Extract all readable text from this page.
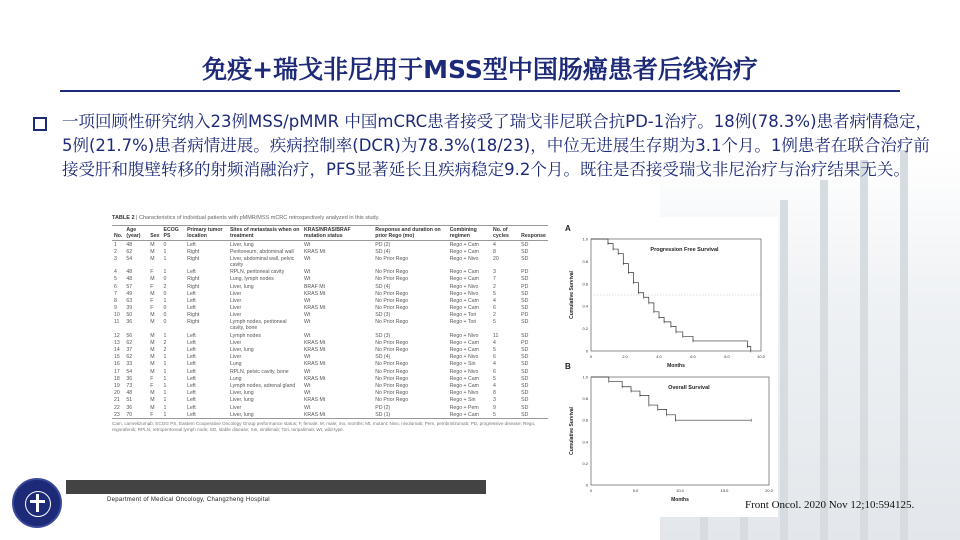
免疫+瑞戈非尼用于MSS型中国肠癌患者后线治疗
一项回顾性研究纳入23例MSS/pMMR 中国mCRC患者接受了瑞戈非尼联合抗PD-1治疗。18例(78.3%)患者病情稳定，5例(21.7%)患者病情进展。疾病控制率(DCR)为78.3%(18/23)，中位无进展生存期为3.1个月。1例患者在联合治疗前接受肝和腹壁转移的射频消融治疗，PFS显著延长且疾病稳定9.2个月。既往是否接受瑞戈非尼治疗与治疗结果无关。
TABLE 2 | Characteristics of individual patients with pMMR/MSS mCRC retrospectively analyzed in this study.
No.	Age (year)	Sex	ECOG PS	Primary tumor location	Sites of metastasis when on treatment	KRAS/NRAS/BRAF mutation status	Response and duration on prior Rego (mo)	Combining regimen	No. of cycles	Response
1	48	M	0	Left	Liver, lung	Wt	PD (2)	Rego + Cam	4	SD
2	62	M	1	Right	Peritoneum, abdominal wall	KRAS Mt	SD (4)	Rego + Cam	8	SD
3	54	M	1	Right	Liver, abdominal wall, pelvic cavity	Wt	No Prior Rego	Rego + Nivo	20	SD
4	48	F	1	Left	RPLN, peritoneal cavity	Wt	No Prior Rego	Rego + Cam	3	PD
5	48	M	0	Right	Lung, lymph nodes	Wt	No Prior Rego	Rego + Cam	7	SD
6	57	F	2	Right	Liver, lung	BRAF Mt	SD (4)	Rego + Nivo	2	PD
7	49	M	0	Left	Liver	KRAS Mt	No Prior Rego	Rego + Nivo	5	SD
8	63	F	1	Left	Liver	Wt	No Prior Rego	Rego + Cam	4	SD
9	39	F	0	Left	Liver	KRAS Mt	No Prior Rego	Rego + Cam	6	SD
10	50	M	0	Right	Liver	Wt	SD (3)	Rego + Tori	2	PD
11	36	M	0	Right	Lymph nodes, peritoneal cavity, bone	Wt	No Prior Rego	Rego + Tori	5	SD
12	56	M	1	Left	Lymph nodes	Wt	SD (3)	Rego + Nivo	11	SD
13	62	M	2	Left	Liver	KRAS Mt	No Prior Rego	Rego + Cam	4	PD
14	37	M	2	Left	Liver, lung	KRAS Mt	No Prior Rego	Rego + Cam	5	SD
15	62	M	1	Left	Liver	Wt	SD (4)	Rego + Nivo	6	SD
16	33	M	1	Left	Lung	KRAS Mt	No Prior Rego	Rego + Sin	4	SD
17	54	M	1	Left	RPLN, pelvic cavity, bone	Wt	No Prior Rego	Rego + Nivo	6	SD
18	36	F	1	Left	Lung	KRAS Mt	No Prior Rego	Rego + Cam	5	SD
19	73	F	1	Left	Lymph nodes, adrenal gland	Wt	No Prior Rego	Rego + Cam	4	SD
20	48	M	1	Left	Liver, lung	Wt	No Prior Rego	Rego + Nivo	8	SD
21	51	M	1	Left	Liver, lung	KRAS Mt	No Prior Rego	Rego + Sin	3	SD
22	36	M	1	Left	Liver	Wt	PD (2)	Rego + Pem	9	SD
23	70	F	1	Left	Liver, lung	KRAS Mt	SD (1)	Rego + Cam	5	SD
Cam, camrelizumab; ECOG PS, Eastern Cooperative Oncology Group performance status; F, female; M, male; mo, months; Mt, mutant; Nivo, nivolumab; Pem, pembrolizumab; PD, progressive disease; Rego, regorafenib; RPLN, retroperitoneal lymph node; SD, stable disease; Sin, sintilimab; Tori, toripalimab; Wt, wild-type.
Department of Medical Oncology, Changzheng Hospital
A
Progression Free Survival
Months
Cumulative Survival
0
0.2
0.4
0.6
0.8
1.0
0	2.0	4.0	6.0	8.0	10.0
B
Overall Survival
Months
Cumulative Survival
0
0.2
0.4
0.6
0.8
1.0
0	5.0	10.0	15.0	20.0
Front Oncol. 2020 Nov 12;10:594125.
